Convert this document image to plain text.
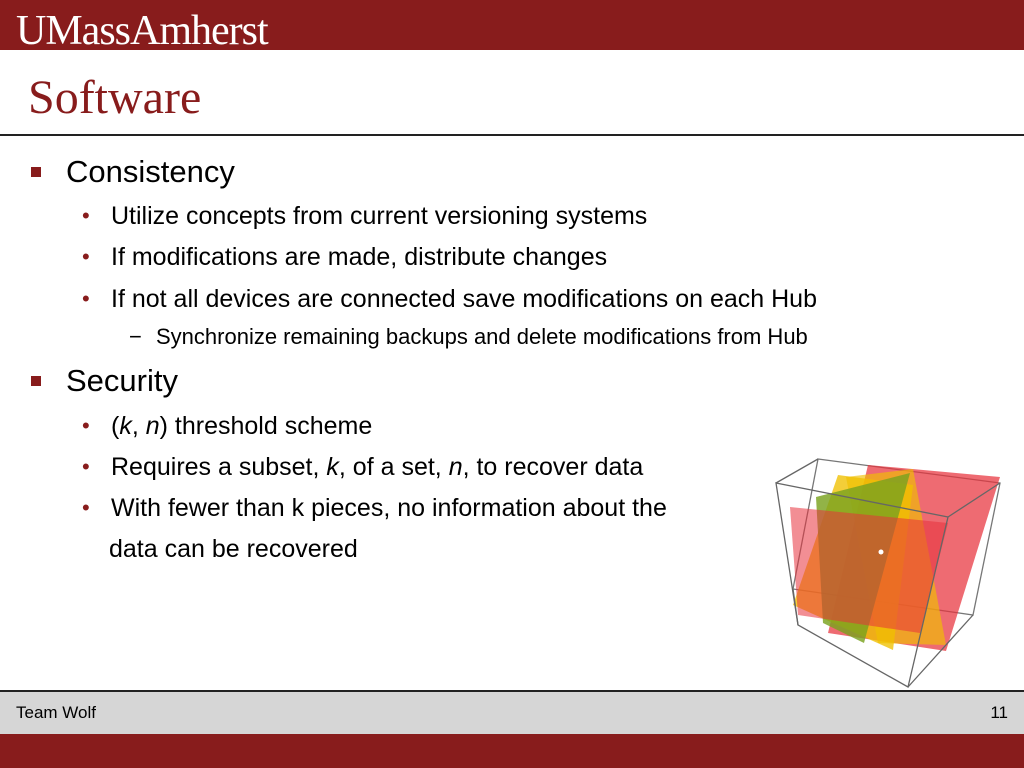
UMassAmherst
Software
Consistency
• Utilize concepts from current versioning systems
• If modifications are made, distribute changes
• If not all devices are connected save modifications on each Hub
− Synchronize remaining backups and delete modifications from Hub
Security
• (k, n) threshold scheme
• Requires a subset, k, of a set, n, to recover data
• With fewer than k pieces, no information about the
data can be recovered
Team Wolf	11
